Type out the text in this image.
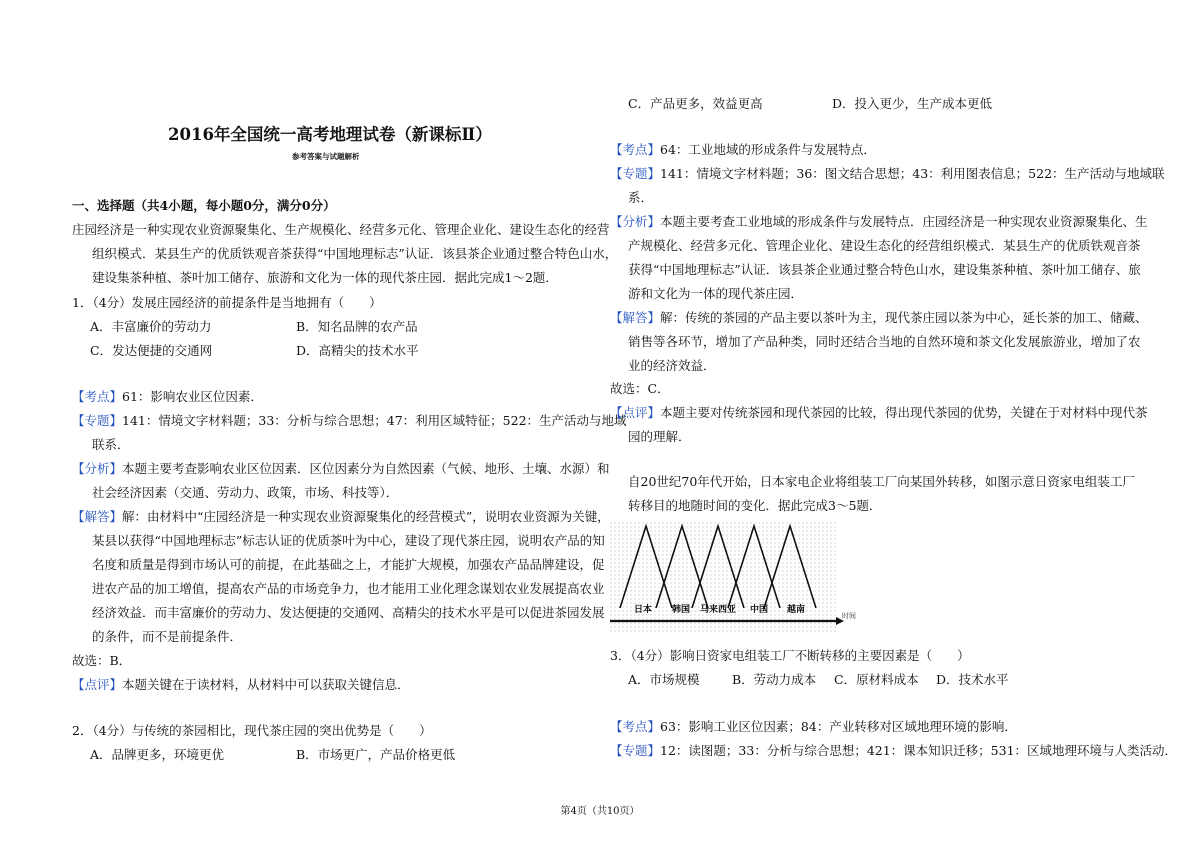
2016年全国统一高考地理试卷（新课标Ⅱ）
参考答案与试题解析
一、选择题（共4小题，每小题0分，满分0分）
庄园经济是一种实现农业资源聚集化、生产规模化、经营多元化、管理企业化、建设生态化的经营
组织模式．某县生产的优质铁观音茶获得“中国地理标志”认证．该县茶企业通过整合特色山水，
建设集茶种植、茶叶加工储存、旅游和文化为一体的现代茶庄园．据此完成1～2题．
1．（4分）发展庄园经济的前提条件是当地拥有（　　）
A．丰富廉价的劳动力	B．知名品牌的农产品
C．发达便捷的交通网	D．高精尖的技术水平
【考点】61：影响农业区位因素．
【专题】141：情境文字材料题；33：分析与综合思想；47：利用区域特征；522：生产活动与地域
联系．
【分析】本题主要考查影响农业区位因素．区位因素分为自然因素（气候、地形、土壤、水源）和
社会经济因素（交通、劳动力、政策，市场、科技等）．
【解答】解：由材料中“庄园经济是一种实现农业资源聚集化的经营模式”，说明农业资源为关键，
某县以获得“中国地理标志”标志认证的优质茶叶为中心，建设了现代茶庄园，说明农产品的知
名度和质量是得到市场认可的前提，在此基础之上，才能扩大规模，加强农产品品牌建设，促
进农产品的加工增值，提高农产品的市场竞争力，也才能用工业化理念谋划农业发展提高农业
经济效益．而丰富廉价的劳动力、发达便捷的交通网、高精尖的技术水平是可以促进茶园发展
的条件，而不是前提条件．
故选：B．
【点评】本题关键在于读材料，从材料中可以获取关键信息．
2．（4分）与传统的茶园相比，现代茶庄园的突出优势是（　　）
A．品牌更多，环境更优	B．市场更广，产品价格更低
C．产品更多，效益更高	D．投入更少，生产成本更低
【考点】64：工业地域的形成条件与发展特点．
【专题】141：情境文字材料题；36：图文结合思想；43：利用图表信息；522：生产活动与地域联
系．
【分析】本题主要考查工业地域的形成条件与发展特点．庄园经济是一种实现农业资源聚集化、生
产规模化、经营多元化、管理企业化、建设生态化的经营组织模式．某县生产的优质铁观音茶
获得“中国地理标志”认证．该县茶企业通过整合特色山水，建设集茶种植、茶叶加工储存、旅
游和文化为一体的现代茶庄园．
【解答】解：传统的茶园的产品主要以茶叶为主，现代茶庄园以茶为中心，延长茶的加工、储藏、
销售等各环节，增加了产品种类，同时还结合当地的自然环境和茶文化发展旅游业，增加了农
业的经济效益．
故选：C．
【点评】本题主要对传统茶园和现代茶园的比较，得出现代茶园的优势，关键在于对材料中现代茶
园的理解．
自20世纪70年代开始，日本家电企业将组装工厂向某国外转移，如图示意日资家电组装工厂
转移目的地随时间的变化．据此完成3～5题．
日本 韩国 马来西亚 中国 越南
时间
3．（4分）影响日资家电组装工厂不断转移的主要因素是（　　）
A．市场规模	B．劳动力成本 C．原材料成本 D．技术水平
【考点】63：影响工业区位因素；84：产业转移对区域地理环境的影响．
【专题】12：读图题；33：分析与综合思想；421：课本知识迁移；531：区域地理环境与人类活动．
第4页（共10页）
